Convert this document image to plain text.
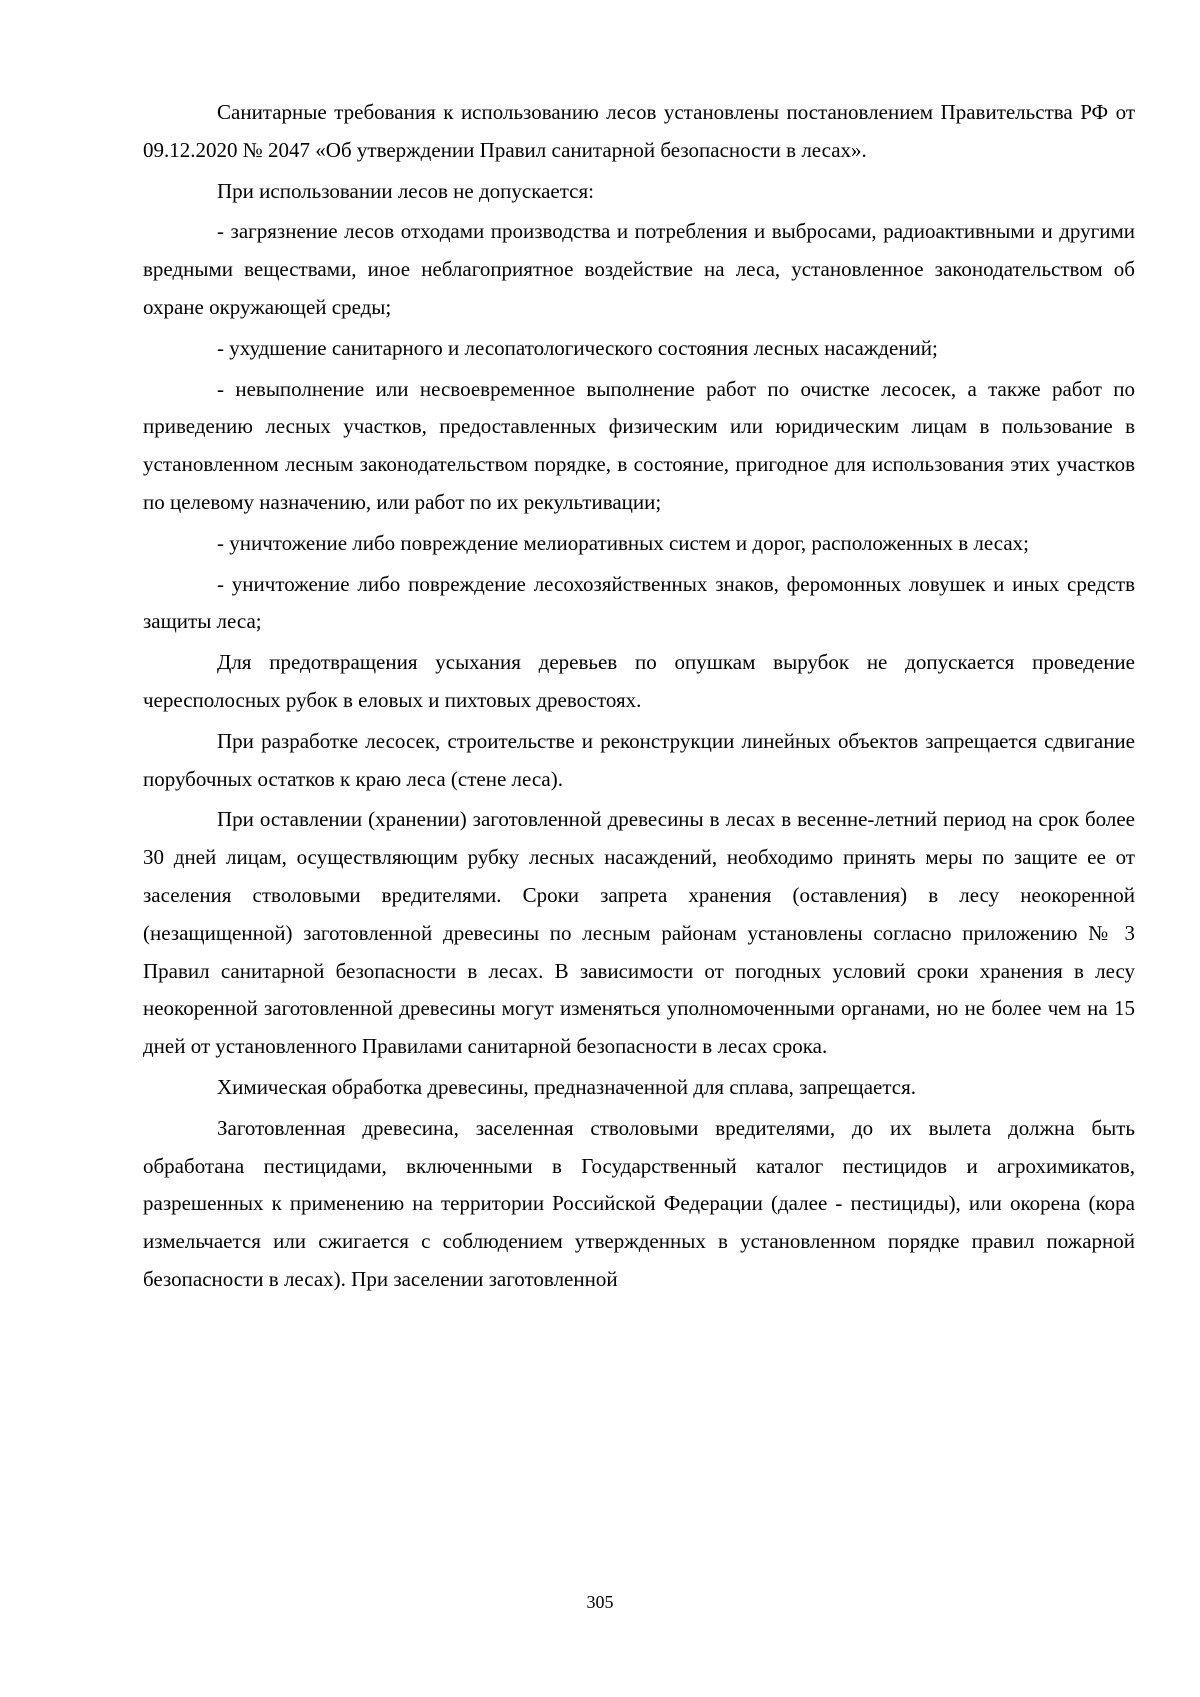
Санитарные требования к использованию лесов установлены постановлением Правительства РФ от 09.12.2020 № 2047 «Об утверждении Правил санитарной безопасности в лесах».

При использовании лесов не допускается:

- загрязнение лесов отходами производства и потребления и выбросами, радиоактивными и другими вредными веществами, иное неблагоприятное воздействие на леса, установленное законодательством об охране окружающей среды;

- ухудшение санитарного и лесопатологического состояния лесных насаждений;

- невыполнение или несвоевременное выполнение работ по очистке лесосек, а также работ по приведению лесных участков, предоставленных физическим или юридическим лицам в пользование в установленном лесным законодательством порядке, в состояние, пригодное для использования этих участков по целевому назначению, или работ по их рекультивации;

- уничтожение либо повреждение мелиоративных систем и дорог, расположенных в лесах;

- уничтожение либо повреждение лесохозяйственных знаков, феромонных ловушек и иных средств защиты леса;

Для предотвращения усыхания деревьев по опушкам вырубок не допускается проведение чересполосных рубок в еловых и пихтовых древостоях.

При разработке лесосек, строительстве и реконструкции линейных объектов запрещается сдвигание порубочных остатков к краю леса (стене леса).

При оставлении (хранении) заготовленной древесины в лесах в весенне-летний период на срок более 30 дней лицам, осуществляющим рубку лесных насаждений, необходимо принять меры по защите ее от заселения стволовыми вредителями. Сроки запрета хранения (оставления) в лесу неокоренной (незащищенной) заготовленной древесины по лесным районам установлены согласно приложению № 3 Правил санитарной безопасности в лесах. В зависимости от погодных условий сроки хранения в лесу неокоренной заготовленной древесины могут изменяться уполномоченными органами, но не более чем на 15 дней от установленного Правилами санитарной безопасности в лесах срока.

Химическая обработка древесины, предназначенной для сплава, запрещается.

Заготовленная древесина, заселенная стволовыми вредителями, до их вылета должна быть обработана пестицидами, включенными в Государственный каталог пестицидов и агрохимикатов, разрешенных к применению на территории Российской Федерации (далее - пестициды), или окорена (кора измельчается или сжигается с соблюдением утвержденных в установленном порядке правил пожарной безопасности в лесах). При заселении заготовленной

305
